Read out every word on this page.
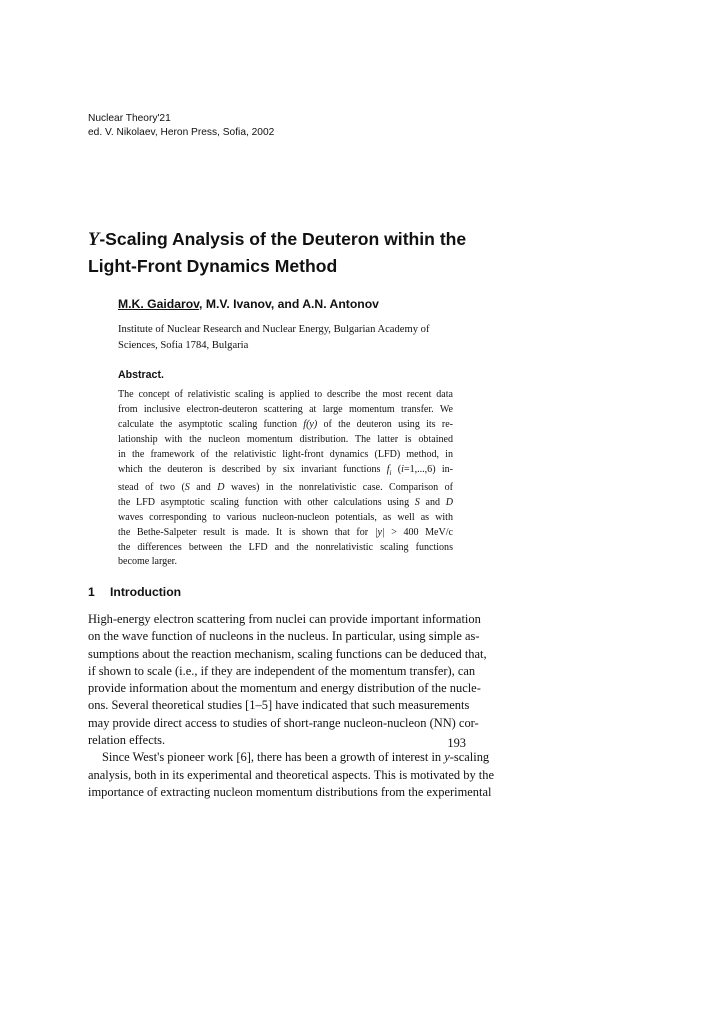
Nuclear Theory'21
ed. V. Nikolaev, Heron Press, Sofia, 2002
Y-Scaling Analysis of the Deuteron within the
Light-Front Dynamics Method
M.K. Gaidarov, M.V. Ivanov, and A.N. Antonov
Institute of Nuclear Research and Nuclear Energy, Bulgarian Academy of
Sciences, Sofia 1784, Bulgaria
Abstract.
The concept of relativistic scaling is applied to describe the most recent data
from inclusive electron-deuteron scattering at large momentum transfer. We
calculate the asymptotic scaling function f(y) of the deuteron using its re-
lationship with the nucleon momentum distribution. The latter is obtained
in the framework of the relativistic light-front dynamics (LFD) method, in
which the deuteron is described by six invariant functions $f_i$ (i=1,...,6) in-
stead of two (S and D waves) in the nonrelativistic case. Comparison of
the LFD asymptotic scaling function with other calculations using S and D
waves corresponding to various nucleon-nucleon potentials, as well as with
the Bethe-Salpeter result is made. It is shown that for |y| > 400 MeV/c
the differences between the LFD and the nonrelativistic scaling functions
become larger.
1 Introduction
High-energy electron scattering from nuclei can provide important information
on the wave function of nucleons in the nucleus. In particular, using simple as-
sumptions about the reaction mechanism, scaling functions can be deduced that,
if shown to scale (i.e., if they are independent of the momentum transfer), can
provide information about the momentum and energy distribution of the nucle-
ons. Several theoretical studies [1–5] have indicated that such measurements
may provide direct access to studies of short-range nucleon-nucleon (NN) cor-
relation effects.
Since West's pioneer work [6], there has been a growth of interest in y-scaling
analysis, both in its experimental and theoretical aspects. This is motivated by the
importance of extracting nucleon momentum distributions from the experimental
193
